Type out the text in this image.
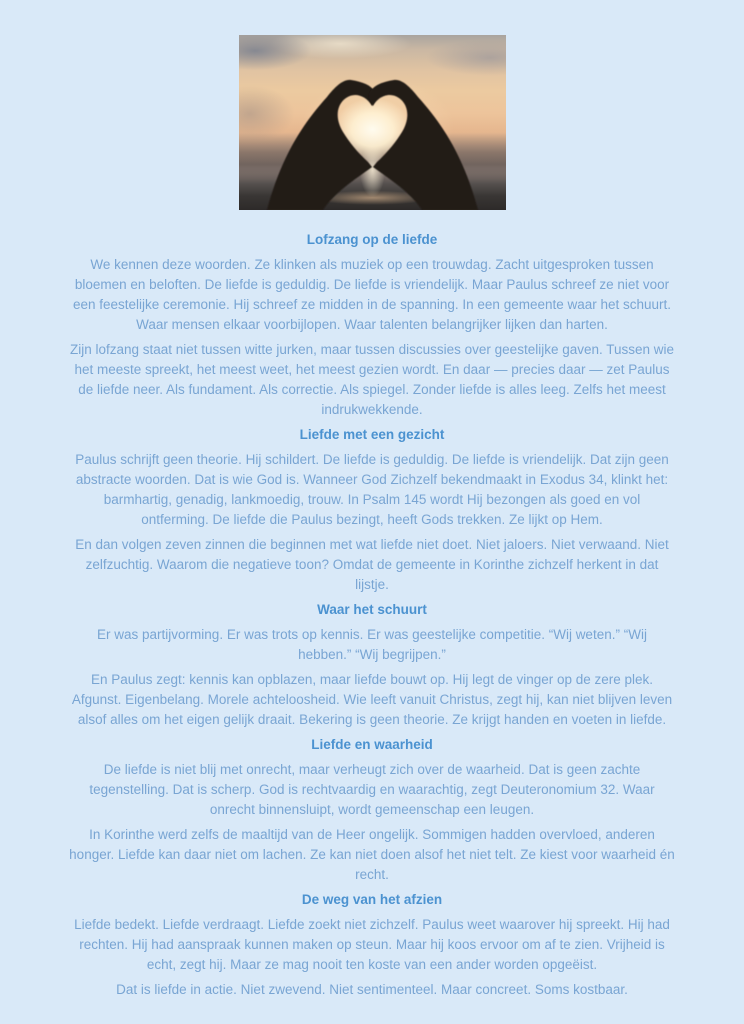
Lofzang op de liefde

We kennen deze woorden. Ze klinken als muziek op een trouwdag. Zacht uitgesproken tussen bloemen en beloften. De liefde is geduldig. De liefde is vriendelijk. Maar Paulus schreef ze niet voor een feestelijke ceremonie. Hij schreef ze midden in de spanning. In een gemeente waar het schuurt. Waar mensen elkaar voorbijlopen. Waar talenten belangrijker lijken dan harten.

Zijn lofzang staat niet tussen witte jurken, maar tussen discussies over geestelijke gaven. Tussen wie het meeste spreekt, het meest weet, het meest gezien wordt. En daar — precies daar — zet Paulus de liefde neer. Als fundament. Als correctie. Als spiegel. Zonder liefde is alles leeg. Zelfs het meest indrukwekkende.

Liefde met een gezicht

Paulus schrijft geen theorie. Hij schildert. De liefde is geduldig. De liefde is vriendelijk. Dat zijn geen abstracte woorden. Dat is wie God is. Wanneer God Zichzelf bekendmaakt in Exodus 34, klinkt het: barmhartig, genadig, lankmoedig, trouw. In Psalm 145 wordt Hij bezongen als goed en vol ontferming. De liefde die Paulus bezingt, heeft Gods trekken. Ze lijkt op Hem.

En dan volgen zeven zinnen die beginnen met wat liefde niet doet. Niet jaloers. Niet verwaand. Niet zelfzuchtig. Waarom die negatieve toon? Omdat de gemeente in Korinthe zichzelf herkent in dat lijstje.

Waar het schuurt

Er was partijvorming. Er was trots op kennis. Er was geestelijke competitie. “Wij weten.” “Wij hebben.” “Wij begrijpen.”

En Paulus zegt: kennis kan opblazen, maar liefde bouwt op. Hij legt de vinger op de zere plek. Afgunst. Eigenbelang. Morele achteloosheid. Wie leeft vanuit Christus, zegt hij, kan niet blijven leven alsof alles om het eigen gelijk draait. Bekering is geen theorie. Ze krijgt handen en voeten in liefde.

Liefde en waarheid

De liefde is niet blij met onrecht, maar verheugt zich over de waarheid. Dat is geen zachte tegenstelling. Dat is scherp. God is rechtvaardig en waarachtig, zegt Deuteronomium 32. Waar onrecht binnensluipt, wordt gemeenschap een leugen.

In Korinthe werd zelfs de maaltijd van de Heer ongelijk. Sommigen hadden overvloed, anderen honger. Liefde kan daar niet om lachen. Ze kan niet doen alsof het niet telt. Ze kiest voor waarheid én recht.

De weg van het afzien

Liefde bedekt. Liefde verdraagt. Liefde zoekt niet zichzelf. Paulus weet waarover hij spreekt. Hij had rechten. Hij had aanspraak kunnen maken op steun. Maar hij koos ervoor om af te zien. Vrijheid is echt, zegt hij. Maar ze mag nooit ten koste van een ander worden opgeëist.

Dat is liefde in actie. Niet zwevend. Niet sentimenteel. Maar concreet. Soms kostbaar.
